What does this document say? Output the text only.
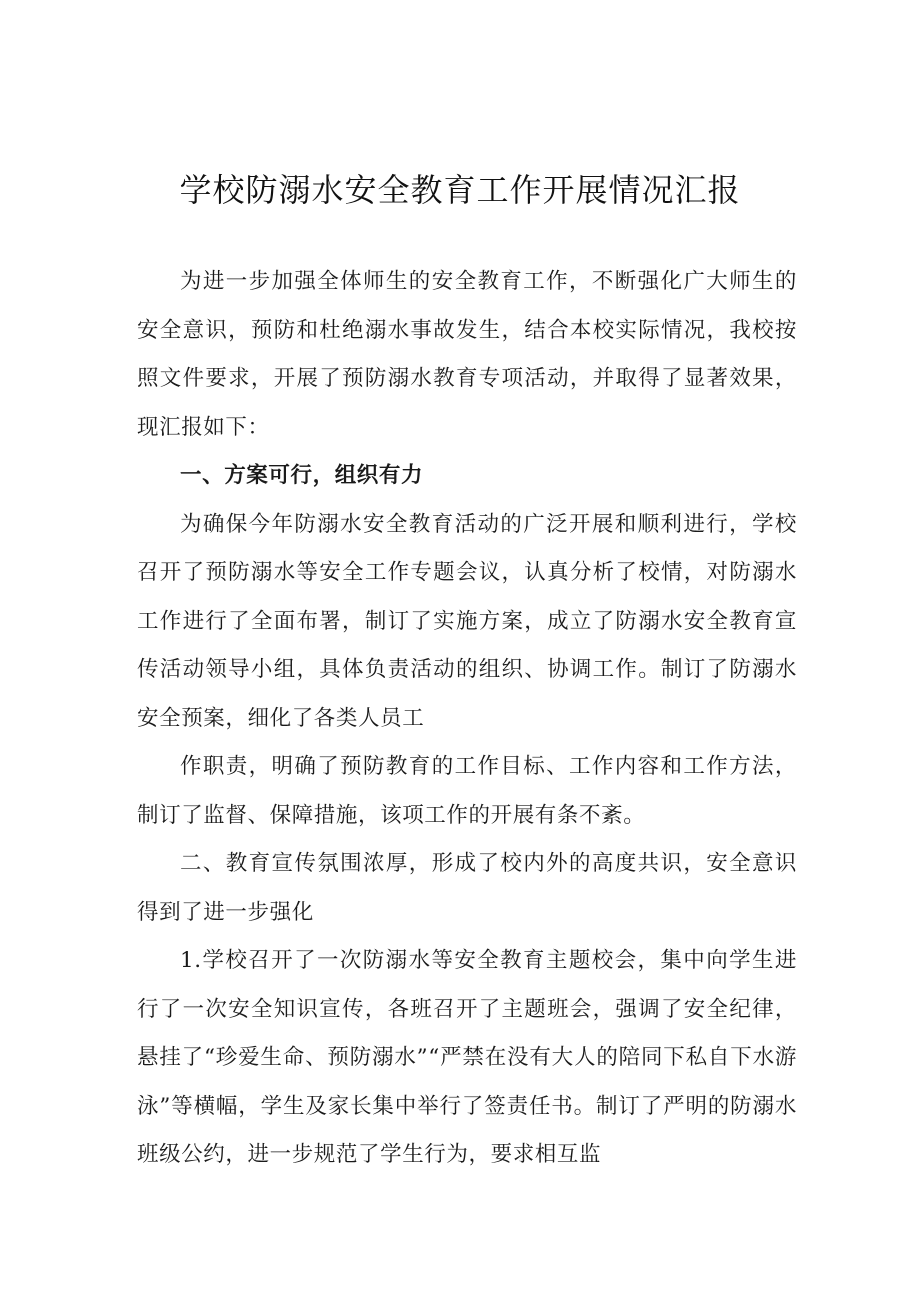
学校防溺水安全教育工作开展情况汇报

为进一步加强全体师生的安全教育工作，不断强化广大师生的安全意识，预防和杜绝溺水事故发生，结合本校实际情况，我校按照文件要求，开展了预防溺水教育专项活动，并取得了显著效果，现汇报如下：

一、方案可行，组织有力

为确保今年防溺水安全教育活动的广泛开展和顺利进行，学校召开了预防溺水等安全工作专题会议，认真分析了校情，对防溺水工作进行了全面布署，制订了实施方案，成立了防溺水安全教育宣传活动领导小组，具体负责活动的组织、协调工作。制订了防溺水安全预案，细化了各类人员工

作职责，明确了预防教育的工作目标、工作内容和工作方法，制订了监督、保障措施，该项工作的开展有条不紊。

二、教育宣传氛围浓厚，形成了校内外的高度共识，安全意识得到了进一步强化

1.学校召开了一次防溺水等安全教育主题校会，集中向学生进行了一次安全知识宣传，各班召开了主题班会，强调了安全纪律，悬挂了“珍爱生命、预防溺水”“严禁在没有大人的陪同下私自下水游泳”等横幅，学生及家长集中举行了签责任书。制订了严明的防溺水班级公约，进一步规范了学生行为，要求相互监
